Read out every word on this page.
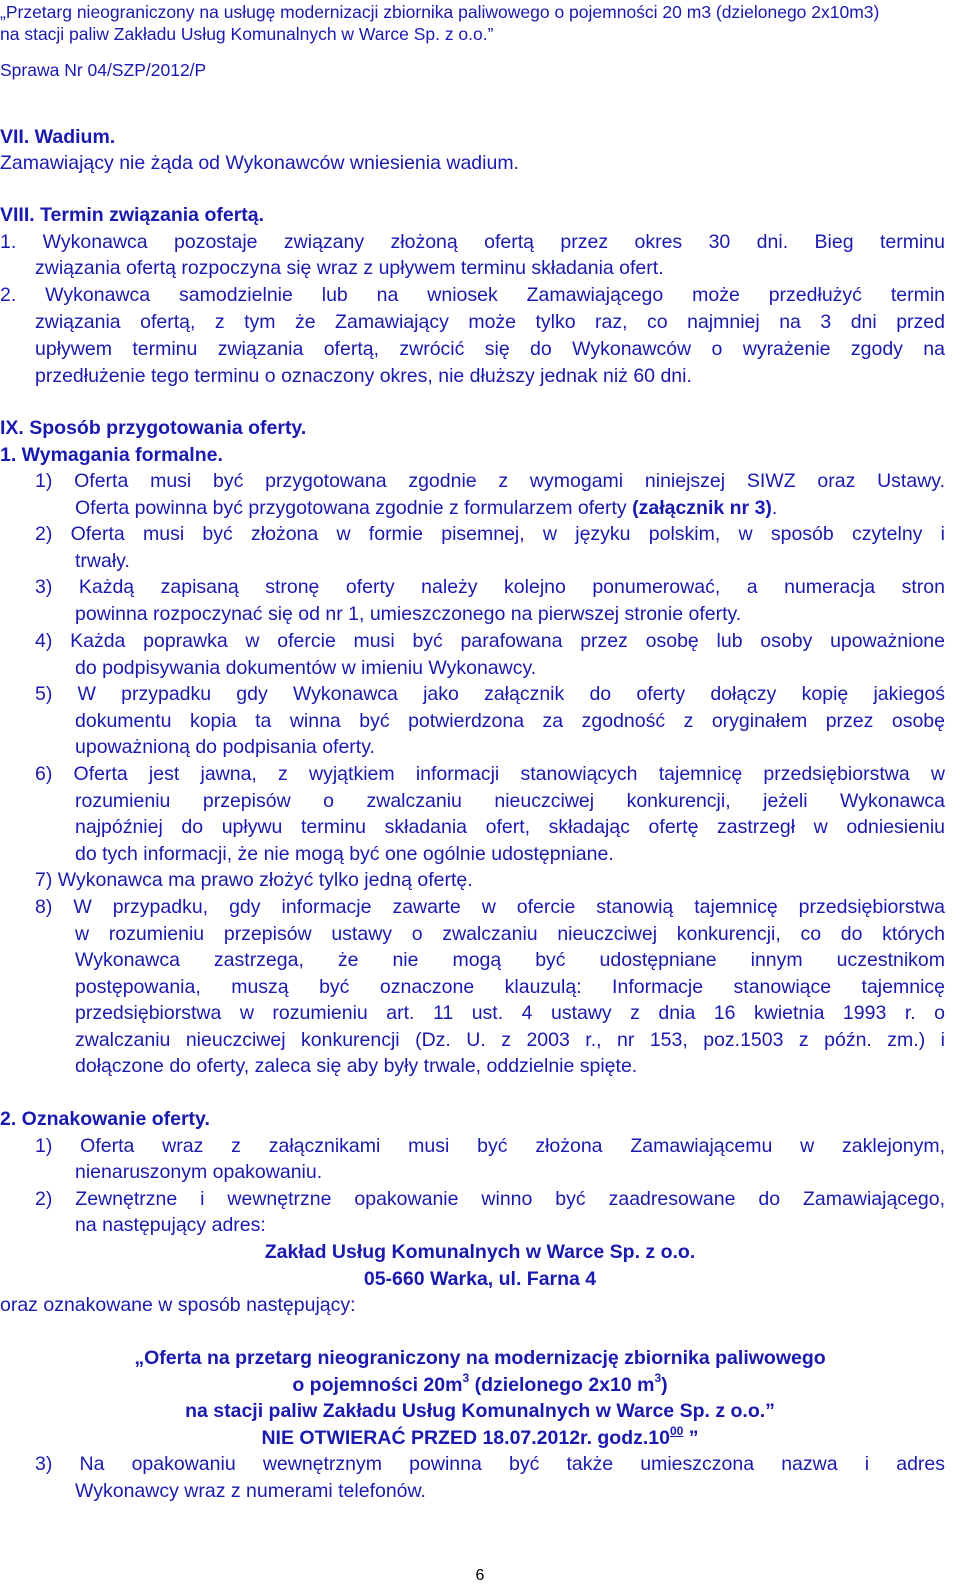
„Przetarg nieograniczony na usługę modernizacji zbiornika paliwowego o pojemności 20 m3 (dzielonego 2x10m3)
na stacji paliw Zakładu Usług Komunalnych w Warce Sp. z o.o.”
Sprawa Nr 04/SZP/2012/P
VII. Wadium.
Zamawiający nie żąda od Wykonawców wniesienia wadium.
VIII. Termin związania ofertą.
1. Wykonawca pozostaje związany złożoną ofertą przez okres 30 dni. Bieg terminu
związania ofertą rozpoczyna się wraz z upływem terminu składania ofert.
2. Wykonawca samodzielnie lub na wniosek Zamawiającego może przedłużyć termin
związania ofertą, z tym że Zamawiający może tylko raz, co najmniej na 3 dni przed
upływem terminu związania ofertą, zwrócić się do Wykonawców o wyrażenie zgody na
przedłużenie tego terminu o oznaczony okres, nie dłuższy jednak niż 60 dni.
IX. Sposób przygotowania oferty.
1. Wymagania formalne.
1) Oferta musi być przygotowana zgodnie z wymogami niniejszej SIWZ oraz Ustawy.
Oferta powinna być przygotowana zgodnie z formularzem oferty (załącznik nr 3).
2) Oferta musi być złożona w formie pisemnej, w języku polskim, w sposób czytelny i
trwały.
3) Każdą zapisaną stronę oferty należy kolejno ponumerować, a numeracja stron
powinna rozpoczynać się od nr 1, umieszczonego na pierwszej stronie oferty.
4) Każda poprawka w ofercie musi być parafowana przez osobę lub osoby upoważnione
do podpisywania dokumentów w imieniu Wykonawcy.
5) W przypadku gdy Wykonawca jako załącznik do oferty dołączy kopię jakiegoś
dokumentu kopia ta winna być potwierdzona za zgodność z oryginałem przez osobę
upoważnioną do podpisania oferty.
6) Oferta jest jawna, z wyjątkiem informacji stanowiących tajemnicę przedsiębiorstwa w
rozumieniu przepisów o zwalczaniu nieuczciwej konkurencji, jeżeli Wykonawca
najpóźniej do upływu terminu składania ofert, składając ofertę zastrzegł w odniesieniu
do tych informacji, że nie mogą być one ogólnie udostępniane.
7) Wykonawca ma prawo złożyć tylko jedną ofertę.
8) W przypadku, gdy informacje zawarte w ofercie stanowią tajemnicę przedsiębiorstwa
w rozumieniu przepisów ustawy o zwalczaniu nieuczciwej konkurencji, co do których
Wykonawca zastrzega, że nie mogą być udostępniane innym uczestnikom
postępowania, muszą być oznaczone klauzulą: Informacje stanowiące tajemnicę
przedsiębiorstwa w rozumieniu art. 11 ust. 4 ustawy z dnia 16 kwietnia 1993 r. o
zwalczaniu nieuczciwej konkurencji (Dz. U. z 2003 r., nr 153, poz.1503 z późn. zm.) i
dołączone do oferty, zaleca się aby były trwale, oddzielnie spięte.
2. Oznakowanie oferty.
1) Oferta wraz z załącznikami musi być złożona Zamawiającemu w zaklejonym,
nienaruszonym opakowaniu.
2) Zewnętrzne i wewnętrzne opakowanie winno być zaadresowane do Zamawiającego,
na następujący adres:
Zakład Usług Komunalnych w Warce Sp. z o.o.
05-660 Warka, ul. Farna 4
oraz oznakowane w sposób następujący:
„Oferta na przetarg nieograniczony na modernizację zbiornika paliwowego
o pojemności $20m^3$ (dzielonego 2x10 $m^3$)
na stacji paliw Zakładu Usług Komunalnych w Warce Sp. z o.o.”
NIE OTWIERAĆ PRZED 18.07.2012r. $godz.10^{00}$ ”
3) Na opakowaniu wewnętrznym powinna być także umieszczona nazwa i adres
Wykonawcy wraz z numerami telefonów.
6
